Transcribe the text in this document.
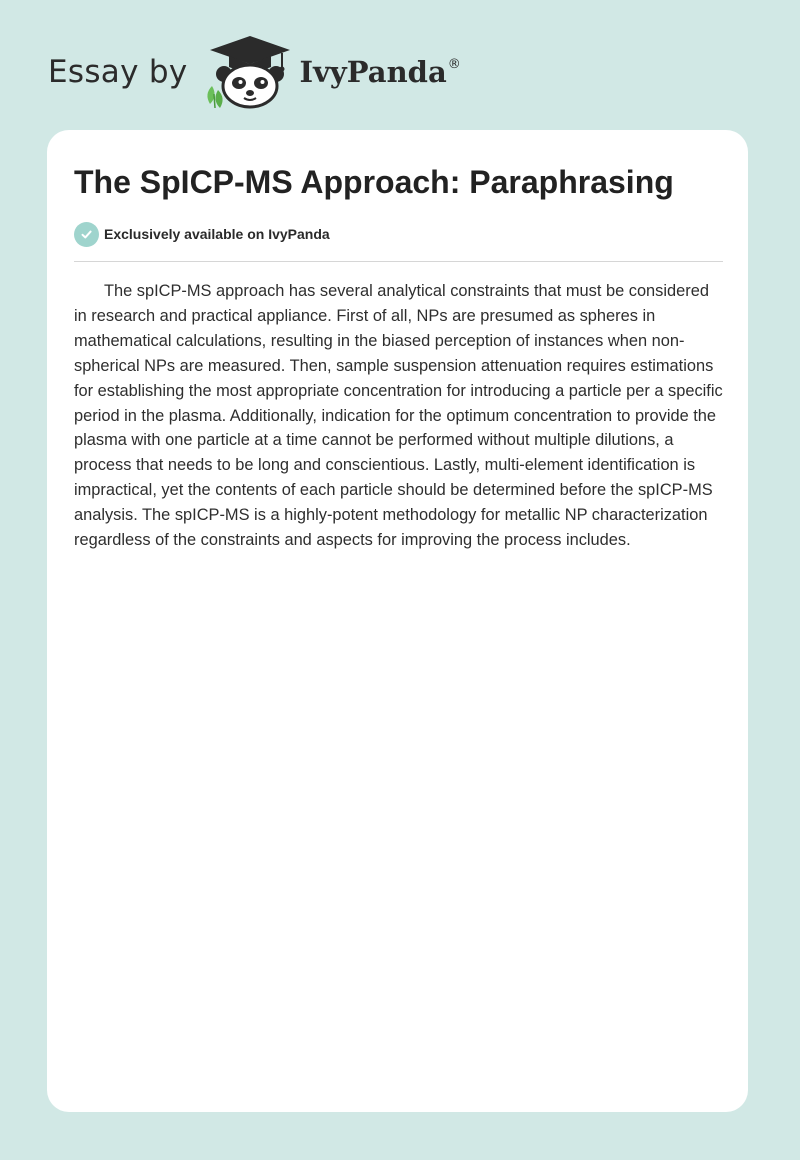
Essay by	IvyPanda ®
The SpICP-MS Approach: Paraphrasing
Exclusively available on IvyPanda

The spICP-MS approach has several analytical constraints that must be considered in research and practical appliance. First of all, NPs are presumed as spheres in mathematical calculations, resulting in the biased perception of instances when non-spherical NPs are measured. Then, sample suspension attenuation requires estimations for establishing the most appropriate concentration for introducing a particle per a specific period in the plasma. Additionally, indication for the optimum concentration to provide the plasma with one particle at a time cannot be performed without multiple dilutions, a process that needs to be long and conscientious. Lastly, multi-element identification is impractical, yet the contents of each particle should be determined before the spICP-MS analysis. The spICP-MS is a highly-potent methodology for metallic NP characterization regardless of the constraints and aspects for improving the process includes.
